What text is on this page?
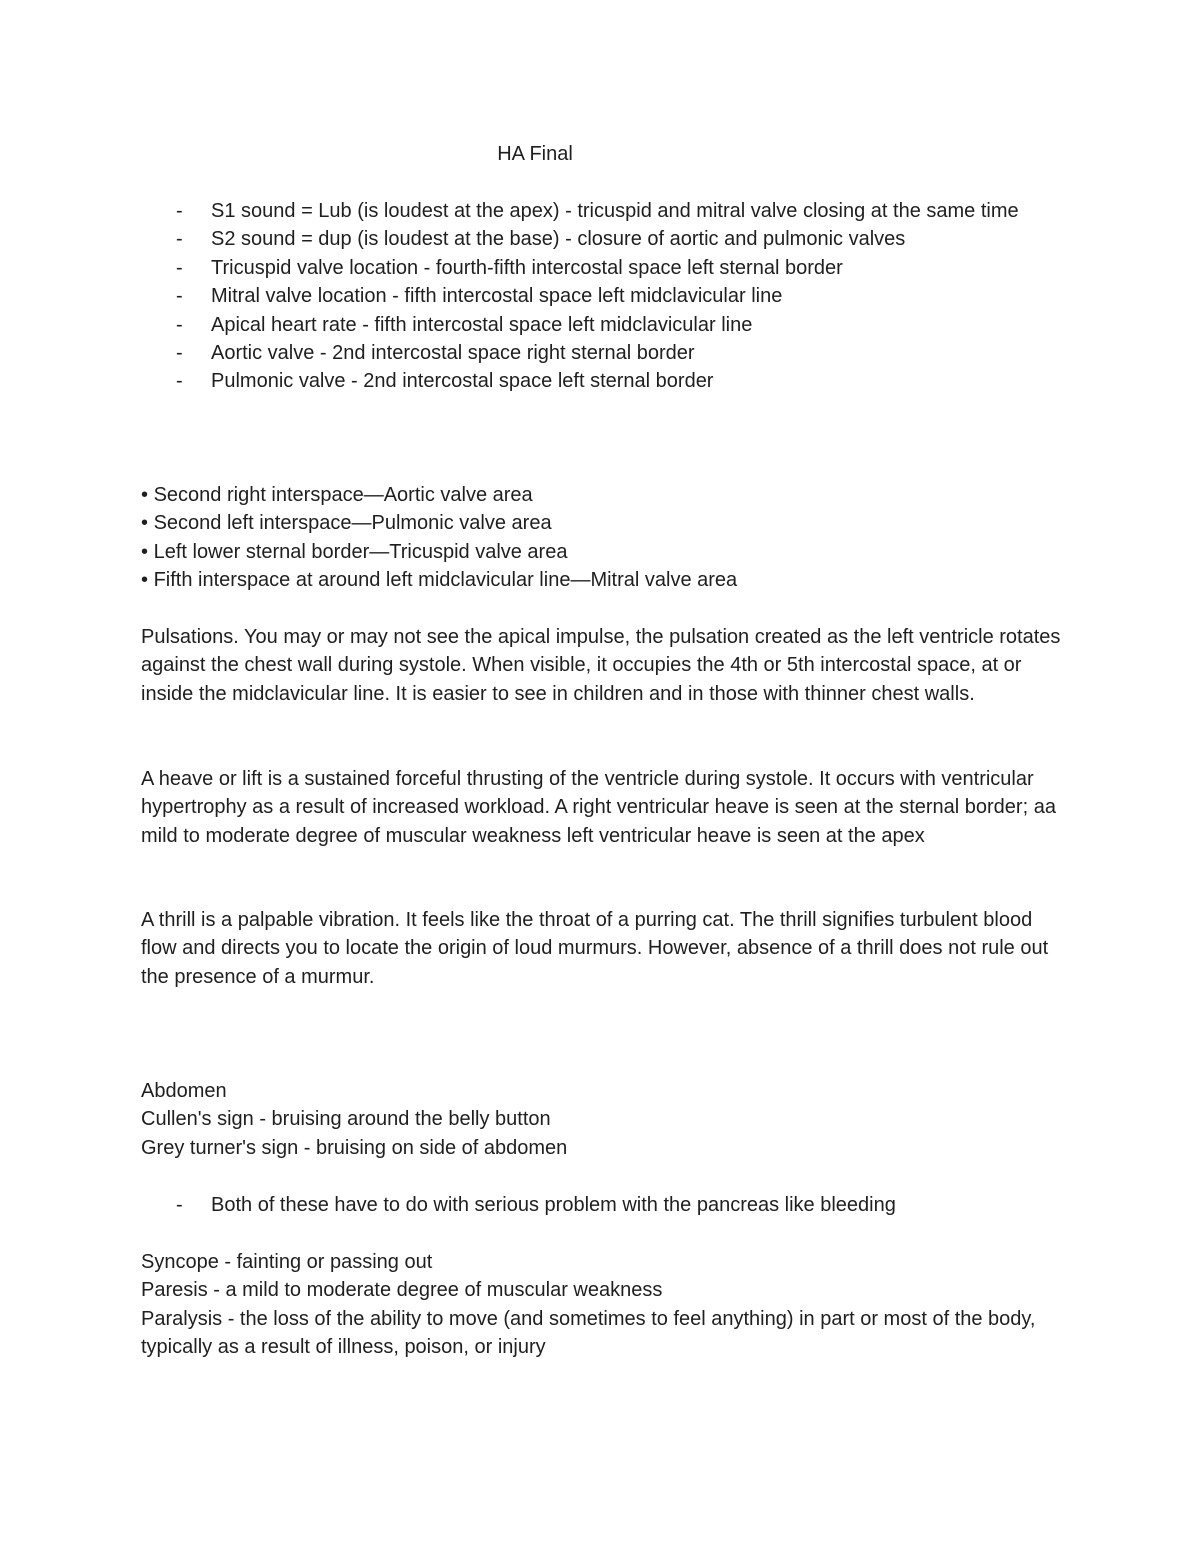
HA Final
- S1 sound = Lub (is loudest at the apex) - tricuspid and mitral valve closing at the same time
- S2 sound = dup (is loudest at the base) - closure of aortic and pulmonic valves
- Tricuspid valve location - fourth-fifth intercostal space left sternal border
- Mitral valve location - fifth intercostal space left midclavicular line
- Apical heart rate - fifth intercostal space left midclavicular line
- Aortic valve - 2nd intercostal space right sternal border
- Pulmonic valve - 2nd intercostal space left sternal border
• Second right interspace—Aortic valve area
• Second left interspace—Pulmonic valve area
• Left lower sternal border—Tricuspid valve area
• Fifth interspace at around left midclavicular line—Mitral valve area

Pulsations. You may or may not see the apical impulse, the pulsation created as the left ventricle rotates against the chest wall during systole. When visible, it occupies the 4th or 5th intercostal space, at or inside the midclavicular line. It is easier to see in children and in those with thinner chest walls.

A heave or lift is a sustained forceful thrusting of the ventricle during systole. It occurs with ventricular hypertrophy as a result of increased workload. A right ventricular heave is seen at the sternal border; aa mild to moderate degree of muscular weakness left ventricular heave is seen at the apex

A thrill is a palpable vibration. It feels like the throat of a purring cat. The thrill signifies turbulent blood flow and directs you to locate the origin of loud murmurs. However, absence of a thrill does not rule out the presence of a murmur.

Abdomen
Cullen's sign - bruising around the belly button
Grey turner's sign - bruising on side of abdomen
- Both of these have to do with serious problem with the pancreas like bleeding
Syncope - fainting or passing out
Paresis - a mild to moderate degree of muscular weakness
Paralysis - the loss of the ability to move (and sometimes to feel anything) in part or most of the body, typically as a result of illness, poison, or injury
